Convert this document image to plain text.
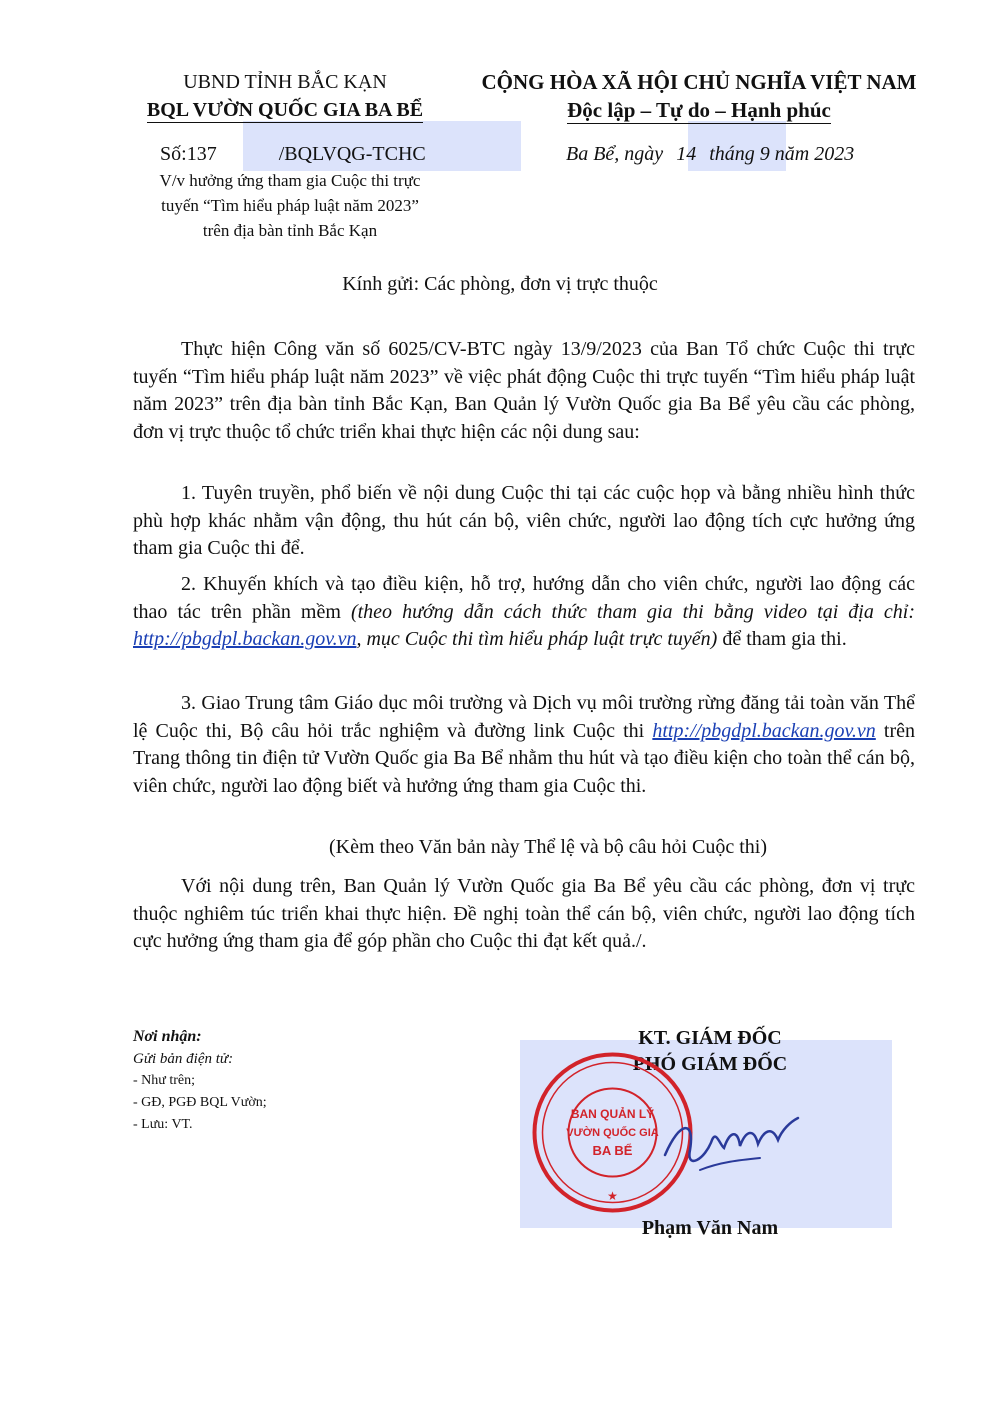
UBND TỈNH BẮC KẠN
BQL VƯỜN QUỐC GIA BA BỂ
CỘNG HÒA XÃ HỘI CHỦ NGHĨA VIỆT NAM
Độc lập – Tự do – Hạnh phúc
Số:137	/BQLVQG-TCHC	Ba Bể, ngày 14 tháng 9 năm 2023
V/v hưởng ứng tham gia Cuộc thi trực
tuyến “Tìm hiểu pháp luật năm 2023”
trên địa bàn tỉnh Bắc Kạn
Kính gửi: Các phòng, đơn vị trực thuộc

Thực hiện Công văn số 6025/CV-BTC ngày 13/9/2023 của Ban Tổ chức Cuộc thi trực tuyến “Tìm hiểu pháp luật năm 2023” về việc phát động Cuộc thi trực tuyến “Tìm hiểu pháp luật năm 2023” trên địa bàn tỉnh Bắc Kạn, Ban Quản lý Vườn Quốc gia Ba Bể yêu cầu các phòng, đơn vị trực thuộc tổ chức triển khai thực hiện các nội dung sau:

1. Tuyên truyền, phổ biến về nội dung Cuộc thi tại các cuộc họp và bằng nhiều hình thức phù hợp khác nhằm vận động, thu hút cán bộ, viên chức, người lao động tích cực hưởng ứng tham gia Cuộc thi để.

2. Khuyến khích và tạo điều kiện, hỗ trợ, hướng dẫn cho viên chức, người lao động các thao tác trên phần mềm (theo hướng dẫn cách thức tham gia thi bằng video tại địa chỉ: http://pbgdpl.backan.gov.vn, mục Cuộc thi tìm hiểu pháp luật trực tuyến) để tham gia thi.

3. Giao Trung tâm Giáo dục môi trường và Dịch vụ môi trường rừng đăng tải toàn văn Thể lệ Cuộc thi, Bộ câu hỏi trắc nghiệm và đường link Cuộc thi http://pbgdpl.backan.gov.vn trên Trang thông tin điện tử Vườn Quốc gia Ba Bể nhằm thu hút và tạo điều kiện cho toàn thể cán bộ, viên chức, người lao động biết và hưởng ứng tham gia Cuộc thi.

(Kèm theo Văn bản này Thể lệ và bộ câu hỏi Cuộc thi)

Với nội dung trên, Ban Quản lý Vườn Quốc gia Ba Bể yêu cầu các phòng, đơn vị trực thuộc nghiêm túc triển khai thực hiện. Đề nghị toàn thể cán bộ, viên chức, người lao động tích cực hưởng ứng tham gia để góp phần cho Cuộc thi đạt kết quả./.

Nơi nhận:
Gửi bản điện tử:
- Như trên;
- GĐ, PGĐ BQL Vườn;
- Lưu: VT.
KT. GIÁM ĐỐC
PHÓ GIÁM ĐỐC
BAN QUẢN LÝ
VƯỜN QUỐC GIA
BA BỂ
★
Phạm Văn Nam
